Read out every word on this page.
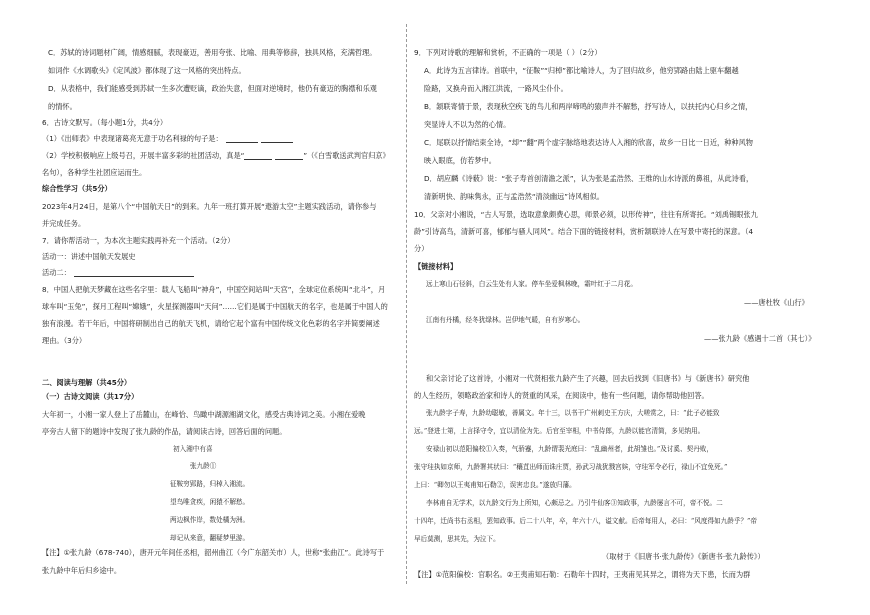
C．苏轼的诗词题材广阔，情感细腻，表现豪迈，善用夸张、比喻、用典等修辞，独具风格，充满哲理。
如词作《水调歌头》《定风波》都体现了这一风格的突出特点。
D．从表格中，我们能感受到苏轼一生多次遭贬谪，政治失意，但面对逆境时，他仍有豪迈的胸襟和乐观
的情怀。
6．古诗文默写。（每小题1分，共4分）
（1）《出师表》中表现诸葛亮无意于功名利禄的句子是：
（2）学校积极响应上级号召，开展丰富多彩的社团活动，真是“	”（《白雪歌送武判官归京》
名句），各种学生社团应运而生。
综合性学习（共5分）
2023年4月24日，是第八个“中国航天日”的到来。九年一班打算开展“遨游太空”主题实践活动，请你参与
并完成任务。
7．请你帮活动一，为本次主题实践再补充一个活动。（2分）
活动一：讲述中国航天发展史
活动二：
8．中国人把航天梦藏在这些名字里：载人飞船叫“神舟”，中国空间站叫“天宫”，全球定位系统叫“北斗”，月
球车叫“玉兔”，探月工程叫“嫦娥”，火星探测器叫“天问”……它们是属于中国航天的名字，也是属于中国人的
独有浪漫。若干年后，中国将研制出自己的航天飞机，请给它起个富有中国传统文化色彩的名字并简要阐述
理由。（3分）
二、阅读与理解（共45分）
（一）古诗文阅读（共17分）
大年初一，小湘一家人登上了岳麓山，在峰恰、鸟瞰中湖源湘湖文化，感受古典诗词之美。小湘在爱晚
亭旁古人留下的题诗中发现了张九龄的作品，请阅读古诗，回答后面的问题。
初入湘中有喜
张九龄①
征鞍穷郢路，归棹入湘流。
望鸟唯贪疾，闲猿不解愁。
两边枫作岸，数处橘为洲。
却记从来意，翻疑梦里游。
【注】①张九龄（678-740），唐开元年间任丞相，韶州曲江（今广东韶关市）人，世称“张曲江”。此诗写于
张九龄中年后归乡途中。
9．下列对诗歌的理解和赏析，不正确的一项是（ ）（2分）
A．此诗为五言律诗。首联中，“征鞍”“归棹”都比喻诗人，为了回归故乡，他穷郢路由陆上驱车翻越
险路，又换舟而入湘江洪流，一路风尘仆仆。
B．颔联寄情于景，表现秋空疾飞的鸟儿和两岸啼鸣的猿声并不解愁，抒写诗人，以扶托内心归乡之情，
突显诗人不以为然的心情。
C．尾联以抒情结束全诗，“却”“翻”两个虚字脉络地表达诗人入湘的欣喜，故乡一日比一日近，种种风物
映入眼底，仿若梦中。
D．胡应麟《诗薮》说：“张子寿首创清澹之派”，认为张是孟浩然、王维的山水诗派的鼻祖，从此诗看，
清新明快、韵味隽永，正与孟浩然“清淡幽远”诗风相似。
10．父亲对小湘说，“古人写景，选取意象颇费心思，师景必须，以形传神”，往往有所寄托。“刘禹锡眼张九
龄”引诗高鸟，清新可喜，郁郁与骚人同风”。结合下面的链接材料，赏析颔联诗人在写景中寄托的深意。（4
分）
【链接材料】
远上寒山石径斜，白云生处有人家。停车坐爱枫林晚，霜叶红于二月花。
——唐杜牧《山行》
江南有丹橘，经冬犹绿林。岂伊地气暖，自有岁寒心。
——张九龄《感遇十二首（其七）》
和父亲讨论了这首诗，小湘对一代贤相张九龄产生了兴趣，回去后找到《旧唐书》与《新唐书》研究他
的人生经历，领略政治家和诗人的贤重的风采，在阅读中，他有一些问题，请你帮助他回答。
张九龄字子寿，九龄幼聪敏，善属文。年十三，以书干广州刺史王方庆，大嗟赏之，曰：“此子必能致
远。”登进士第，上言择守令，宜以清俭为先。后官至宰相，中书侍郎，九龄以能官清简，多见纳用。
安禄山初以范阳偏校①入奏，气骄蹇，九龄谓裴光庭曰：“乱幽州者，此胡雏也。”及讨奚、契丹败，
张守珪执如京师，九龄署其状曰：“穰苴出师而诛庄贾，孙武习战犹戮宫嫔，守珪军令必行，禄山不宜免死。”
上曰：“卿勿以王夷甫知石勒②，误害忠良。”遂放归藩。
李林甫自无学术，以九龄文行为上所知，心颇忌之。乃引牛仙客③知政事，九龄屡言不可，帝不悦。二
十四年，迁尚书右丞相，罢知政事。后二十八年，卒，年六十八，谥文献。后帝每用人，必曰：“风度得如九龄乎？”帝
早后莫测，思其先，为泣下。
（取材于《旧唐书·张九龄传》《新唐书·张九龄传》）
【注】①范阳偏校：官职名。②王夷甫知石勒：石勒年十四时，王夷甫见其异之，谓将为天下患，长而为群
